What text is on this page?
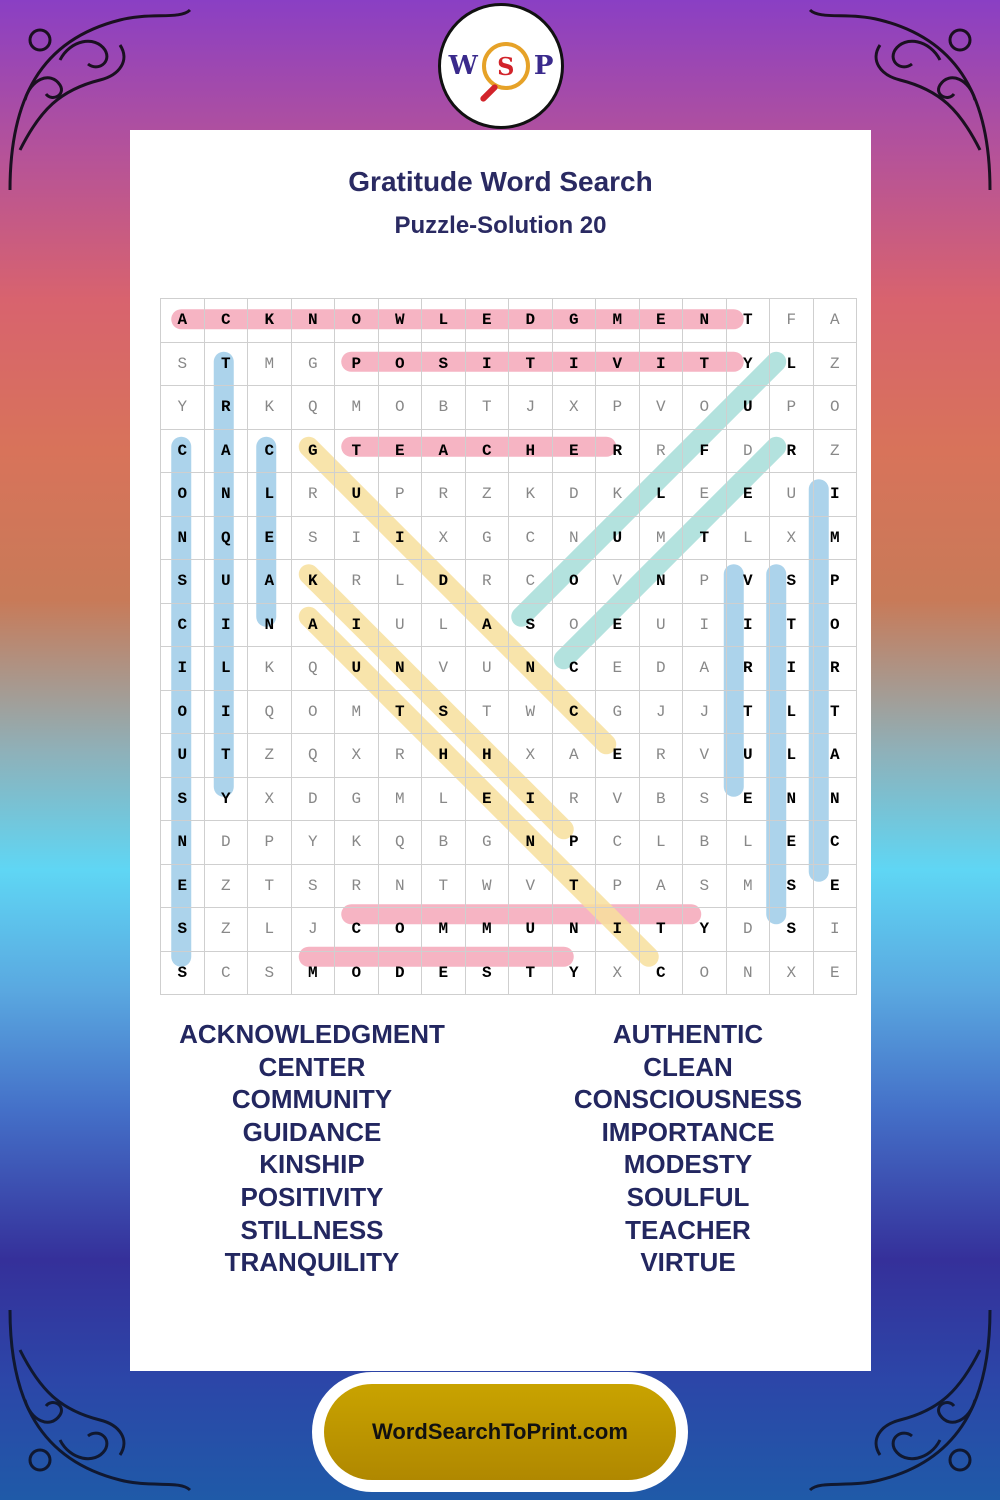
W S P
Gratitude Word Search
Puzzle-Solution 20
A	C	K	N	O	W	L	E	D	G	M	E	N	T	F	A
S	T	M	G	P	O	S	I	T	I	V	I	T	Y	L	Z
Y	R	K	Q	M	O	B	T	J	X	P	V	O	U	P	O
C	A	C	G	T	E	A	C	H	E	R	R	F	D	R	Z
O	N	L	R	U	P	R	Z	K	D	K	L	E	E	U	I
N	Q	E	S	I	I	X	G	C	N	U	M	T	L	X	M
S	U	A	K	R	L	D	R	C	O	V	N	P	V	S	P
C	I	N	A	I	U	L	A	S	O	E	U	I	I	T	O
I	L	K	Q	U	N	V	U	N	C	E	D	A	R	I	R
O	I	Q	O	M	T	S	T	W	C	G	J	J	T	L	T
U	T	Z	Q	X	R	H	H	X	A	E	R	V	U	L	A
S	Y	X	D	G	M	L	E	I	R	V	B	S	E	N	N
N	D	P	Y	K	Q	B	G	N	P	C	L	B	L	E	C
E	Z	T	S	R	N	T	W	V	T	P	A	S	M	S	E
S	Z	L	J	C	O	M	M	U	N	I	T	Y	D	S	I
S	C	S	M	O	D	E	S	T	Y	X	C	O	N	X	E
ACKNOWLEDGMENT
CENTER
COMMUNITY
GUIDANCE
KINSHIP
POSITIVITY
STILLNESS
TRANQUILITY
AUTHENTIC
CLEAN
CONSCIOUSNESS
IMPORTANCE
MODESTY
SOULFUL
TEACHER
VIRTUE
WordSearchToPrint.com
